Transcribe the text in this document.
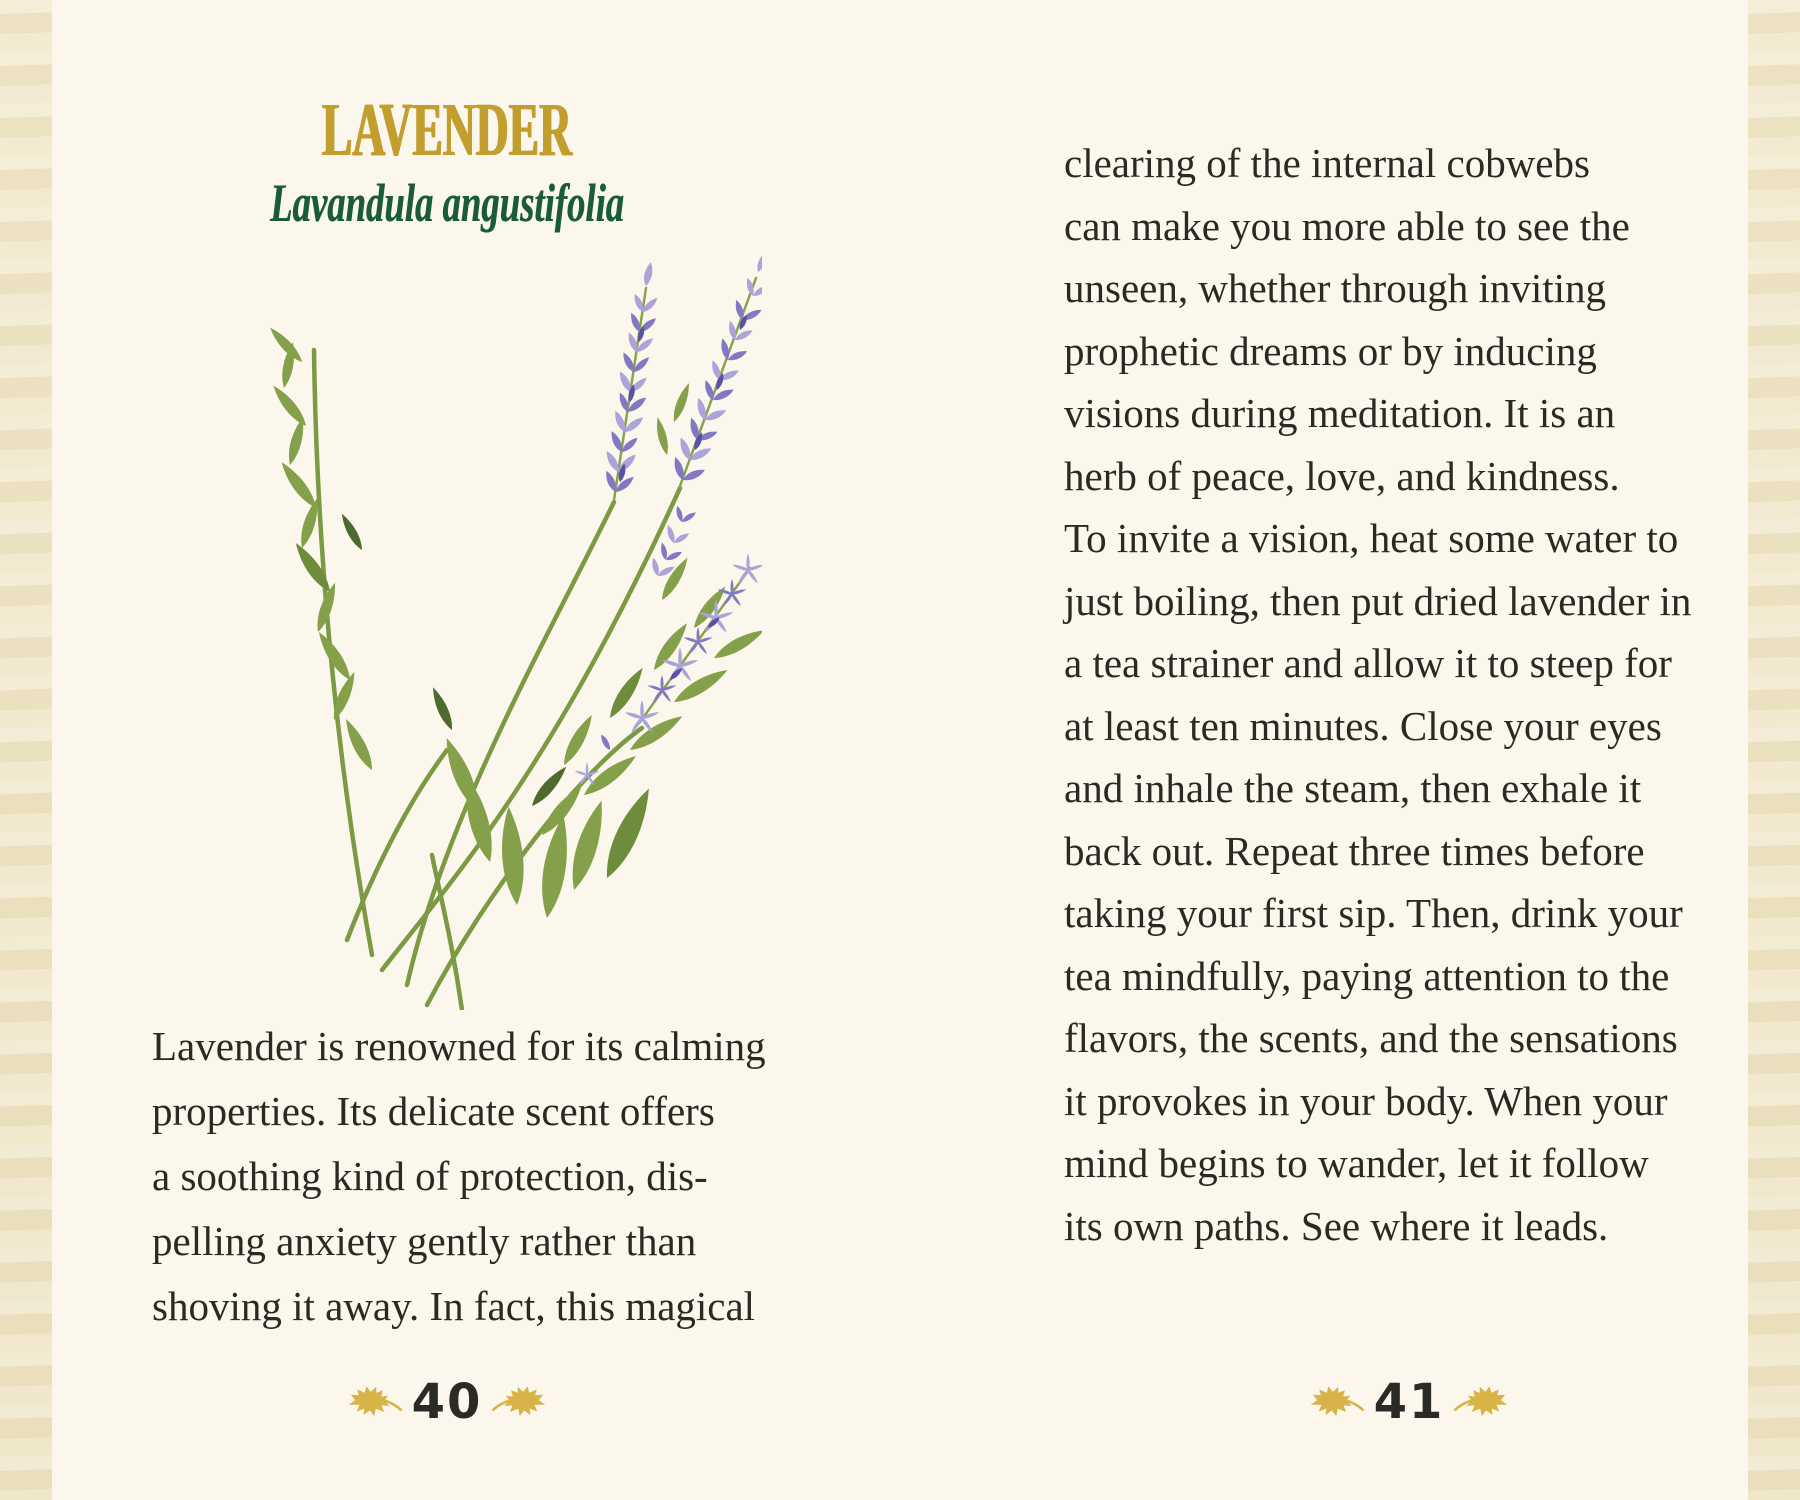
LAVENDER
Lavandula angustifolia
Lavender is renowned for its calming
properties. Its delicate scent offers
a soothing kind of protection, dis-
pelling anxiety gently rather than
shoving it away. In fact, this magical
40
clearing of the internal cobwebs
can make you more able to see the
unseen, whether through inviting
prophetic dreams or by inducing
visions during meditation. It is an
herb of peace, love, and kindness.
To invite a vision, heat some water to
just boiling, then put dried lavender in
a tea strainer and allow it to steep for
at least ten minutes. Close your eyes
and inhale the steam, then exhale it
back out. Repeat three times before
taking your first sip. Then, drink your
tea mindfully, paying attention to the
flavors, the scents, and the sensations
it provokes in your body. When your
mind begins to wander, let it follow
its own paths. See where it leads.
41
